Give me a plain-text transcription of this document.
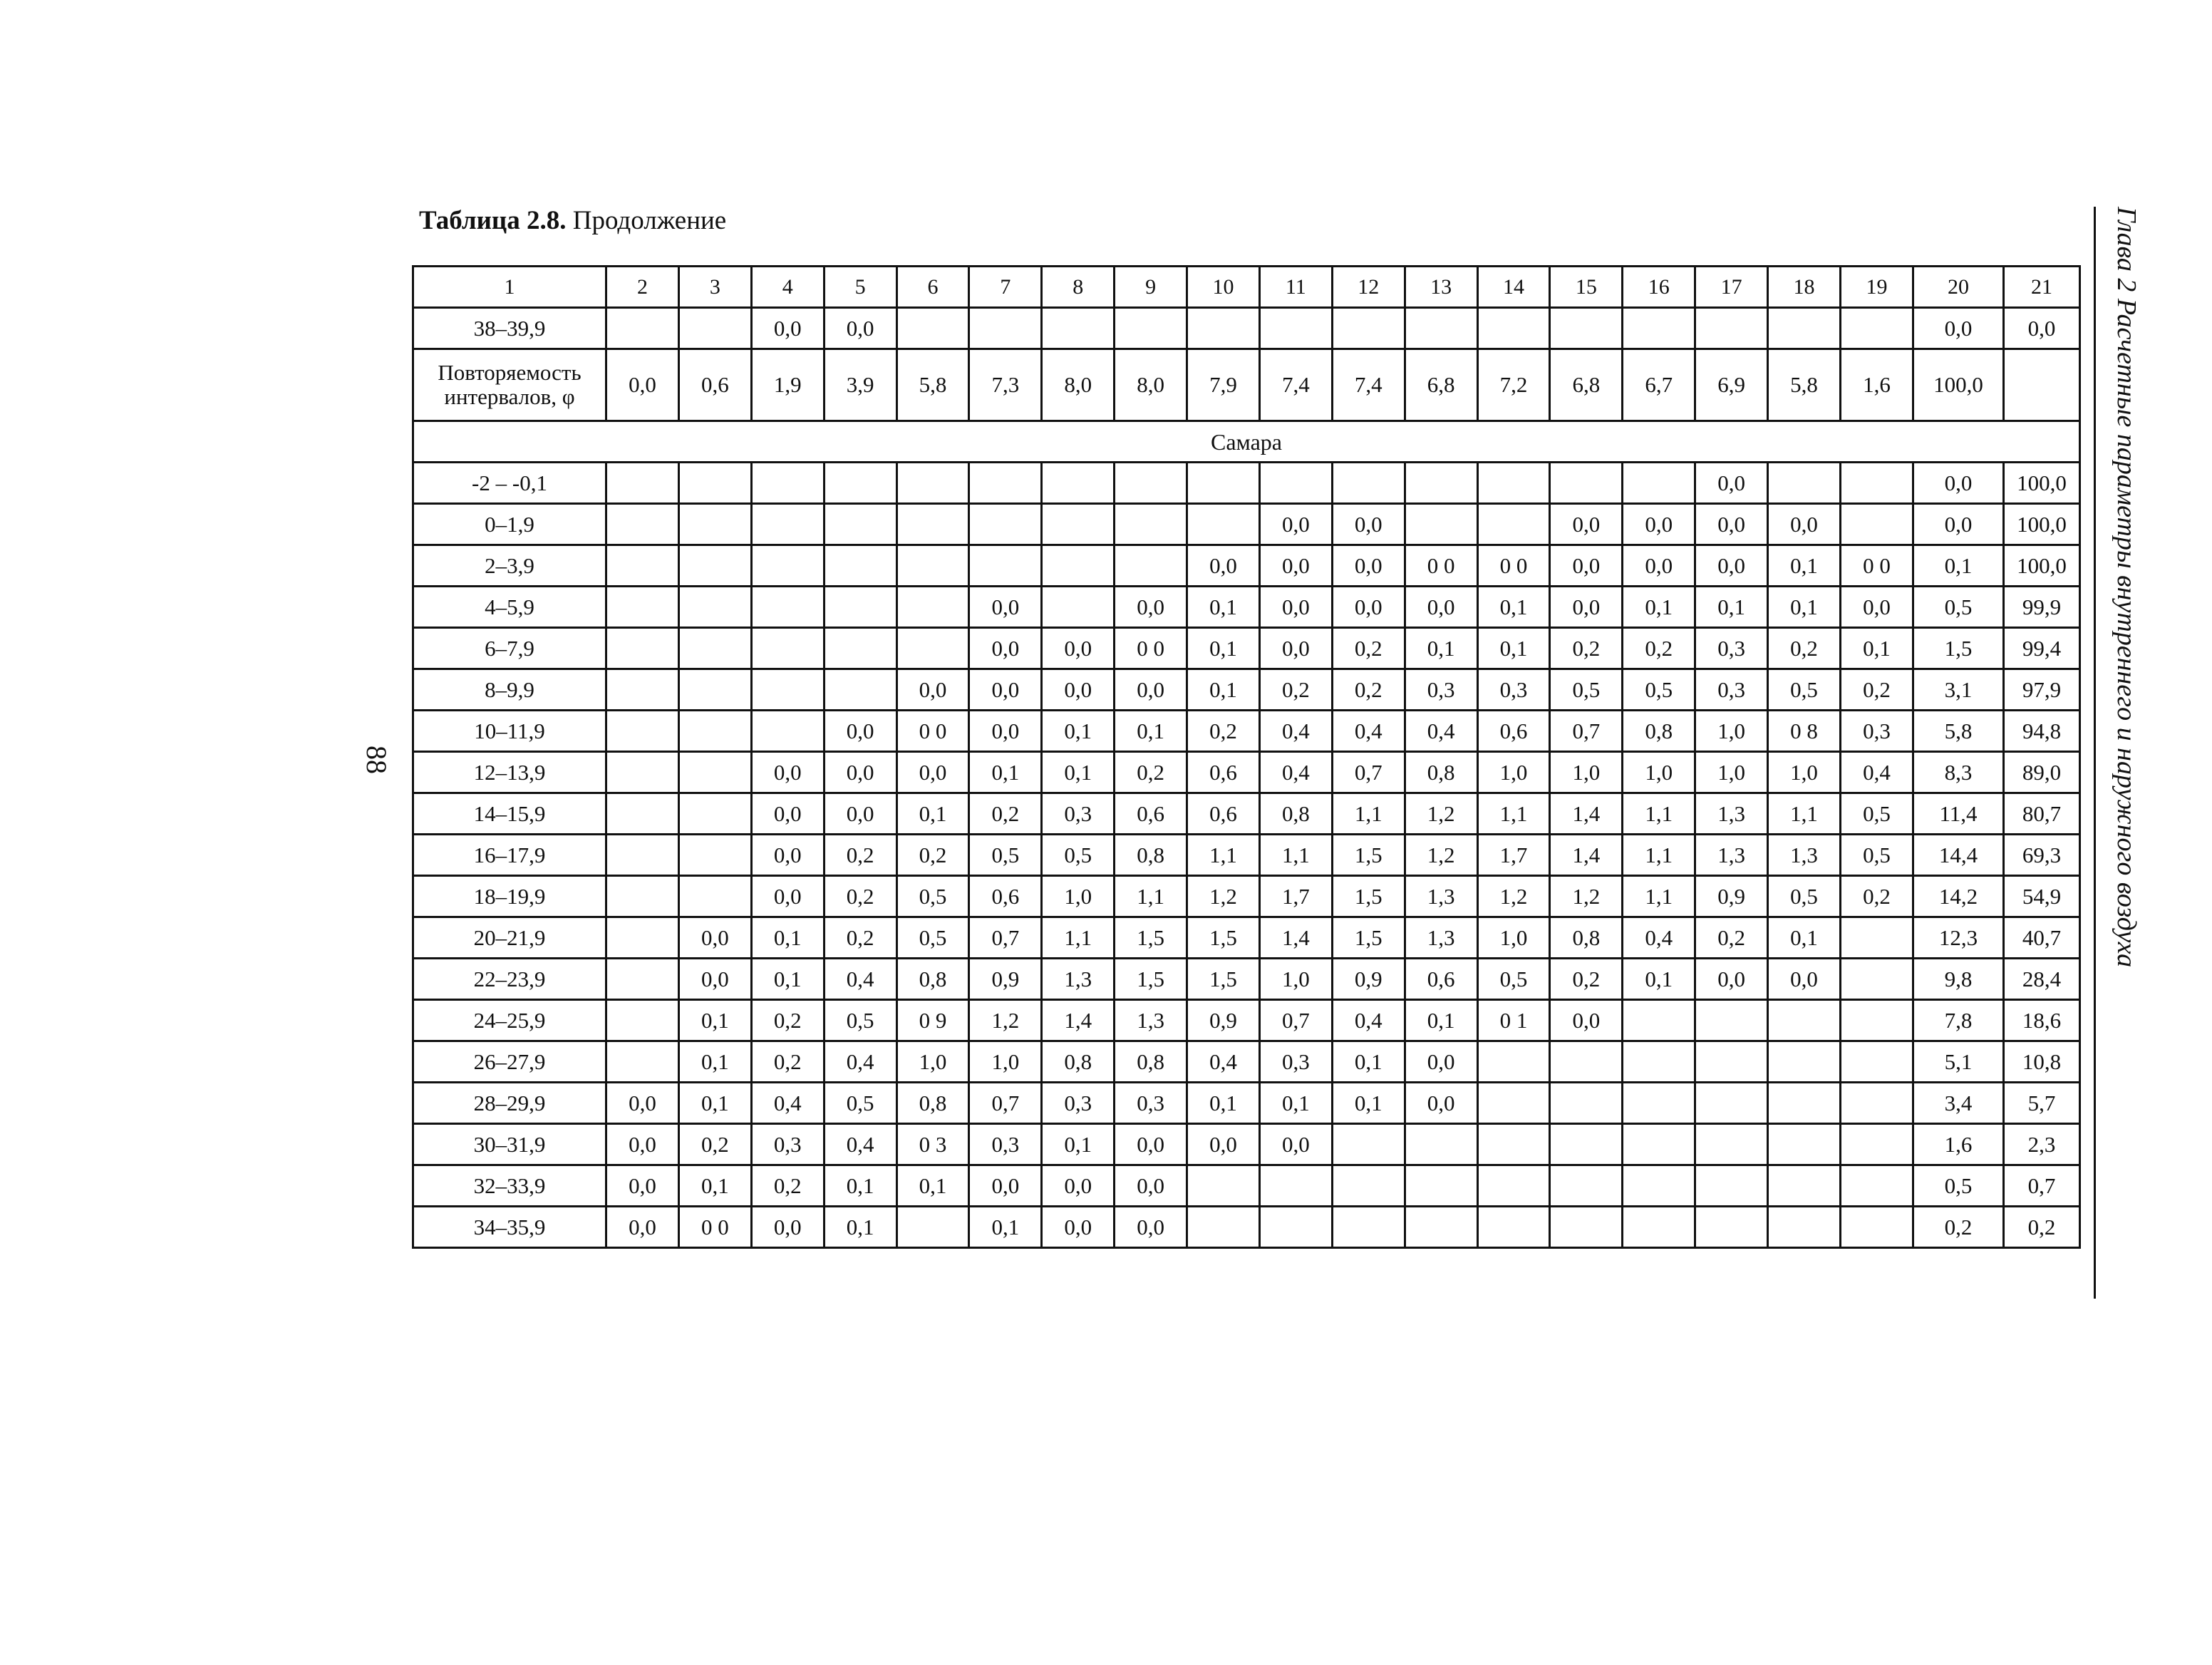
Таблица 2.8. Продолжение
88	Глава 2 Расчетные параметры внутреннего и наружного воздуха
1	2	3	4	5	6	7	8	9	10	11	12	13	14	15	16	17	18	19	20	21
38–39,9			0,0	0,0															0,0	0,0
Повторяемость интервалов, φ	0,0	0,6	1,9	3,9	5,8	7,3	8,0	8,0	7,9	7,4	7,4	6,8	7,2	6,8	6,7	6,9	5,8	1,6	100,0	
Самара																				
-2 – -0,1																0,0			0,0	100,0
0–1,9										0,0	0,0			0,0	0,0	0,0	0,0		0,0	100,0
2–3,9									0,0	0,0	0,0	0 0	0 0	0,0	0,0	0,0	0,1	0 0	0,1	100,0
4–5,9						0,0		0,0	0,1	0,0	0,0	0,0	0,1	0,0	0,1	0,1	0,1	0,0	0,5	99,9
6–7,9						0,0	0,0	0 0	0,1	0,0	0,2	0,1	0,1	0,2	0,2	0,3	0,2	0,1	1,5	99,4
8–9,9					0,0	0,0	0,0	0,0	0,1	0,2	0,2	0,3	0,3	0,5	0,5	0,3	0,5	0,2	3,1	97,9
10–11,9				0,0	0 0	0,0	0,1	0,1	0,2	0,4	0,4	0,4	0,6	0,7	0,8	1,0	0 8	0,3	5,8	94,8
12–13,9			0,0	0,0	0,0	0,1	0,1	0,2	0,6	0,4	0,7	0,8	1,0	1,0	1,0	1,0	1,0	0,4	8,3	89,0
14–15,9			0,0	0,0	0,1	0,2	0,3	0,6	0,6	0,8	1,1	1,2	1,1	1,4	1,1	1,3	1,1	0,5	11,4	80,7
16–17,9			0,0	0,2	0,2	0,5	0,5	0,8	1,1	1,1	1,5	1,2	1,7	1,4	1,1	1,3	1,3	0,5	14,4	69,3
18–19,9			0,0	0,2	0,5	0,6	1,0	1,1	1,2	1,7	1,5	1,3	1,2	1,2	1,1	0,9	0,5	0,2	14,2	54,9
20–21,9		0,0	0,1	0,2	0,5	0,7	1,1	1,5	1,5	1,4	1,5	1,3	1,0	0,8	0,4	0,2	0,1		12,3	40,7
22–23,9		0,0	0,1	0,4	0,8	0,9	1,3	1,5	1,5	1,0	0,9	0,6	0,5	0,2	0,1	0,0	0,0		9,8	28,4
24–25,9		0,1	0,2	0,5	0 9	1,2	1,4	1,3	0,9	0,7	0,4	0,1	0 1	0,0					7,8	18,6
26–27,9		0,1	0,2	0,4	1,0	1,0	0,8	0,8	0,4	0,3	0,1	0,0							5,1	10,8
28–29,9	0,0	0,1	0,4	0,5	0,8	0,7	0,3	0,3	0,1	0,1	0,1	0,0							3,4	5,7
30–31,9	0,0	0,2	0,3	0,4	0 3	0,3	0,1	0,0	0,0	0,0									1,6	2,3
32–33,9	0,0	0,1	0,2	0,1	0,1	0,0	0,0	0,0											0,5	0,7
34–35,9	0,0	0 0	0,0	0,1		0,1	0,0	0,0											0,2	0,2
